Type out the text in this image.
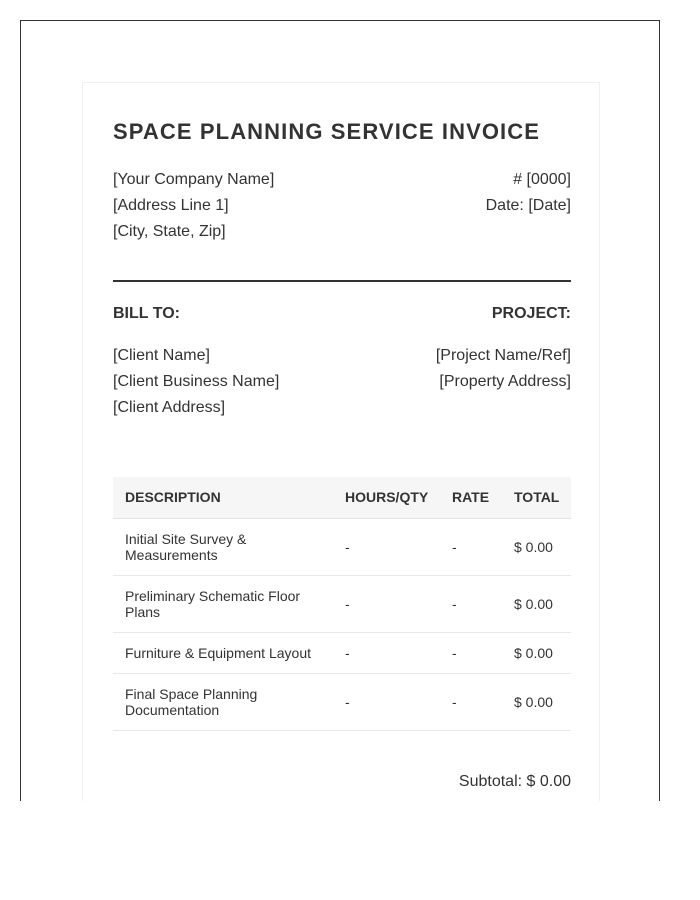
SPACE PLANNING SERVICE INVOICE
[Your Company Name]
[Address Line 1]
[City, State, Zip]
# [0000]
Date: [Date]
BILL TO:	PROJECT:
[Client Name]
[Client Business Name]
[Client Address]
[Project Name/Ref]
[Property Address]
DESCRIPTION	HOURS/QTY	RATE	TOTAL
Initial Site Survey & Measurements	-	-	$ 0.00
Preliminary Schematic Floor Plans	-	-	$ 0.00
Furniture & Equipment Layout	-	-	$ 0.00
Final Space Planning Documentation	-	-	$ 0.00
Subtotal: $ 0.00
